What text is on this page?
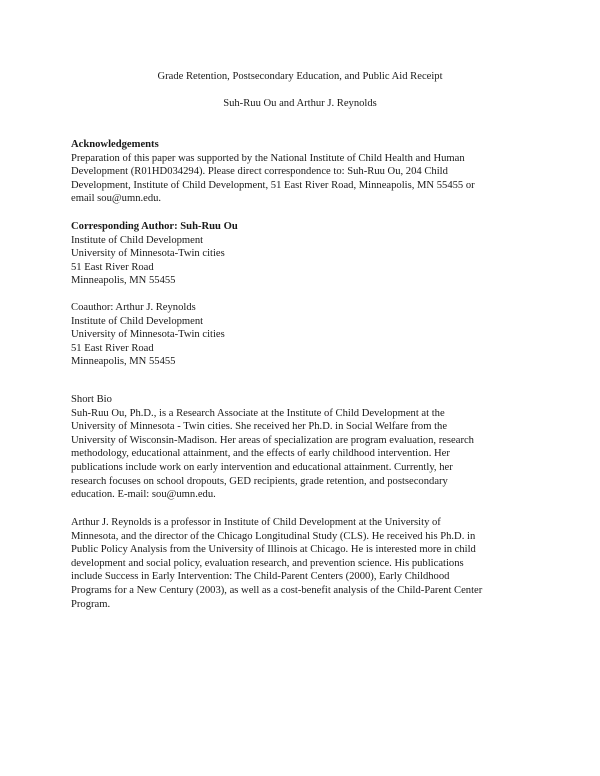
Grade Retention, Postsecondary Education, and Public Aid Receipt
Suh-Ruu Ou and Arthur J. Reynolds
Acknowledgements
Preparation of this paper was supported by the National Institute of Child Health and Human
Development (R01HD034294). Please direct correspondence to: Suh-Ruu Ou, 204 Child
Development, Institute of Child Development, 51 East River Road, Minneapolis, MN 55455 or
email sou@umn.edu.
Corresponding Author: Suh-Ruu Ou
Institute of Child Development
University of Minnesota-Twin cities
51 East River Road
Minneapolis, MN 55455
Coauthor: Arthur J. Reynolds
Institute of Child Development
University of Minnesota-Twin cities
51 East River Road
Minneapolis, MN 55455
Short Bio
Suh-Ruu Ou, Ph.D., is a Research Associate at the Institute of Child Development at the
University of Minnesota - Twin cities. She received her Ph.D. in Social Welfare from the
University of Wisconsin-Madison. Her areas of specialization are program evaluation, research
methodology, educational attainment, and the effects of early childhood intervention. Her
publications include work on early intervention and educational attainment. Currently, her
research focuses on school dropouts, GED recipients, grade retention, and postsecondary
education. E-mail: sou@umn.edu.
Arthur J. Reynolds is a professor in Institute of Child Development at the University of
Minnesota, and the director of the Chicago Longitudinal Study (CLS). He received his Ph.D. in
Public Policy Analysis from the University of Illinois at Chicago. He is interested more in child
development and social policy, evaluation research, and prevention science. His publications
include Success in Early Intervention: The Child-Parent Centers (2000), Early Childhood
Programs for a New Century (2003), as well as a cost-benefit analysis of the Child-Parent Center
Program.
